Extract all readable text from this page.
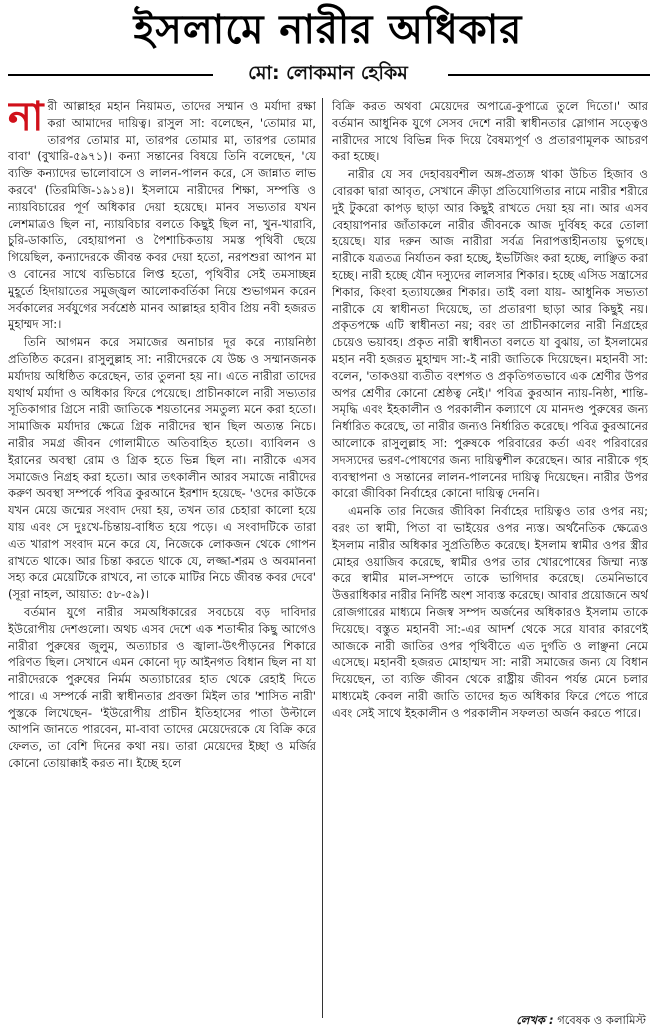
ইসলামে নারীর অধিকার
মো: লোকমান হেকিম

নারী আল্লাহর মহান নিয়ামত, তাদের সম্মান ও মর্যাদা রক্ষা করা আমাদের দায়িত্ব। রাসুল সা: বলেছেন, 'তোমার মা, তারপর তোমার মা, তারপর তোমার মা, তারপর তোমার বাবা' (বুখারি-৫৯৭১)। কন্যা সন্তানের বিষয়ে তিনি বলেছেন, 'যে ব্যক্তি কন্যাদের ভালোবাসে ও লালন-পালন করে, সে জান্নাত লাভ করবে' (তিরমিজি-১৯১৪)। ইসলামে নারীদের শিক্ষা, সম্পত্তি ও ন্যায়বিচারের পূর্ণ অধিকার দেয়া হয়েছে। মানব সভ্যতার যখন লেশমাত্রও ছিল না, ন্যায়বিচার বলতে কিছুই ছিল না, খুন-খারাবি, চুরি-ডাকাতি, বেহায়াপনা ও পৈশাচিকতায় সমস্ত পৃথিবী ছেয়ে গিয়েছিল, কন্যাদেরকে জীবন্ত কবর দেয়া হতো, নরপশুরা আপন মা ও বোনের সাথে ব্যভিচারে লিপ্ত হতো, পৃথিবীর সেই তমসাচ্ছন্ন মুহূর্তে হিদায়াতের সমুজ্জ্বল আলোকবর্তিকা নিয়ে শুভাগমন করেন সর্বকালের সর্বযুগের সর্বশ্রেষ্ঠ মানব আল্লাহর হাবীব প্রিয় নবী হজরত মুহাম্মদ সা:।

তিনি আগমন করে সমাজের অনাচার দূর করে ন্যায়নিষ্ঠা প্রতিষ্ঠিত করেন। রাসুলুল্লাহ সা: নারীদেরকে যে উচ্চ ও সম্মানজনক মর্যাদায় অধিষ্ঠিত করেছেন, তার তুলনা হয় না। এতে নারীরা তাদের যথার্থ মর্যাদা ও অধিকার ফিরে পেয়েছে। প্রাচীনকালে নারী সভ্যতার সূতিকাগার গ্রিসে নারী জাতিকে শয়তানের সমতুল্য মনে করা হতো। সামাজিক মর্যাদার ক্ষেত্রে গ্রিক নারীদের স্থান ছিল অত্যন্ত নিচে। নারীর সমগ্র জীবন গোলামীতে অতিবাহিত হতো। ব্যাবিলন ও ইরানের অবস্থা রোম ও গ্রিক হতে ভিন্ন ছিল না। নারীকে এসব সমাজেও নিগ্রহ করা হতো। আর তৎকালীন আরব সমাজে নারীদের করুণ অবস্থা সম্পর্কে পবিত্র কুরআনে ইরশাদ হয়েছে- 'ওদের কাউকে যখন মেয়ে জন্মের সংবাদ দেয়া হয়, তখন তার চেহারা কালো হয়ে যায় এবং সে দুঃখে-চিন্তায়-বাধিত হয়ে পড়ে। এ সংবাদটিকে তারা এত খারাপ সংবাদ মনে করে যে, নিজেকে লোকজন থেকে গোপন রাখতে থাকে। আর চিন্তা করতে থাকে যে, লজ্জা-শরম ও অবমাননা সহ্য করে মেয়েটিকে রাখবে, না তাকে মাটির নিচে জীবন্ত কবর দেবে' (সূরা নাহল, আয়াত: ৫৮-৫৯)।

বর্তমান যুগে নারীর সমঅধিকারের সবচেয়ে বড় দাবিদার ইউরোপীয় দেশগুলো। অথচ এসব দেশে এক শতাব্দীর কিছু আগেও নারীরা পুরুষের জুলুম, অত্যাচার ও জ্বালা-উৎপীড়নের শিকারে পরিণত ছিল। সেখানে এমন কোনো দৃঢ় আইনগত বিধান ছিল না যা নারীদেরকে পুরুষের নির্মম অত্যাচারের হাত থেকে রেহাই দিতে পারে। এ সম্পর্কে নারী স্বাধীনতার প্রবক্তা মিইল তার 'শাসিত নারী' পুস্তকে লিখেছেন- 'ইউরোপীয় প্রাচীন ইতিহাসের পাতা উল্টালে আপনি জানতে পারবেন, মা-বাবা তাদের মেয়েদেরকে যে বিক্রি করে ফেলত, তা বেশি দিনের কথা নয়। তারা মেয়েদের ইচ্ছা ও মর্জির কোনো তোয়াক্কাই করত না। ইচ্ছে হলে

বিক্রি করত অথবা মেয়েদের অপাত্রে-কুপাত্রে তুলে দিতো।' আর বর্তমান আধুনিক যুগে সেসব দেশে নারী স্বাধীনতার স্লোগান সত্ত্বেও নারীদের সাথে বিভিন্ন দিক দিয়ে বৈষম্যপূর্ণ ও প্রতারণামূলক আচরণ করা হচ্ছে।

নারীর যে সব দেহাবয়বশীল অঙ্গ-প্রত্যঙ্গ থাকা উচিত হিজাব ও বোরকা দ্বারা আবৃত, সেখানে ক্রীড়া প্রতিযোগিতার নামে নারীর শরীরে দুই টুকরো কাপড় ছাড়া আর কিছুই রাখতে দেয়া হয় না। আর এসব বেহায়াপনার জাঁতাকলে নারীর জীবনকে আজ দুর্বিষহ করে তোলা হয়েছে। যার দরুন আজ নারীরা সর্বত্র নিরাপত্তাহীনতায় ভুগছে। নারীকে যত্রতত্র নির্যাতন করা হচ্ছে, ইভটিজিং করা হচ্ছে, লাঞ্ছিত করা হচ্ছে। নারী হচ্ছে যৌন দস্যুদের লালসার শিকার। হচ্ছে এসিড সন্ত্রাসের শিকার, কিংবা হত্যাযজ্ঞের শিকার। তাই বলা যায়- আধুনিক সভ্যতা নারীকে যে স্বাধীনতা দিয়েছে, তা প্রতারণা ছাড়া আর কিছুই নয়। প্রকৃতপক্ষে এটি স্বাধীনতা নয়; বরং তা প্রাচীনকালের নারী নিগ্রহের চেয়েও ভয়াবহ। প্রকৃত নারী স্বাধীনতা বলতে যা বুঝায়, তা ইসলামের মহান নবী হজরত মুহাম্মদ সা:-ই নারী জাতিকে দিয়েছেন। মহানবী সা: বলেন, 'তাকওয়া ব্যতীত বংশগত ও প্রকৃতিগতভাবে এক শ্রেণীর উপর অপর শ্রেণীর কোনো শ্রেষ্ঠত্ব নেই।' পবিত্র কুরআন ন্যায়-নিষ্ঠা, শান্তি-সমৃদ্ধি এবং ইহকালীন ও পরকালীন কল্যাণে যে মানদণ্ড পুরুষের জন্য নির্ধারিত করেছে, তা নারীর জন্যও নির্ধারিত করেছে। পবিত্র কুরআনের আলোকে রাসুলুল্লাহ সা: পুরুষকে পরিবারের কর্তা এবং পরিবারের সদস্যদের ভরণ-পোষণের জন্য দায়িত্বশীল করেছেন। আর নারীকে গৃহ ব্যবস্থাপনা ও সন্তানের লালন-পালনের দায়িত্ব দিয়েছেন। নারীর উপর কারো জীবিকা নির্বাহের কোনো দায়িত্ব দেননি।

এমনকি তার নিজের জীবিকা নির্বাহের দায়িত্বও তার ওপর নয়; বরং তা স্বামী, পিতা বা ভাইয়ের ওপর ন্যস্ত। অর্থনৈতিক ক্ষেত্রেও ইসলাম নারীর অধিকার সুপ্রতিষ্ঠিত করেছে। ইসলাম স্বামীর ওপর স্ত্রীর মোহর ওয়াজিব করেছে, স্বামীর ওপর তার খোরপোষের জিম্মা ন্যস্ত করে স্বামীর মাল-সম্পদে তাকে ভাগিদার করেছে। তেমনিভাবে উত্তরাধিকার নারীর নির্দিষ্ট অংশ সাব্যস্ত করেছে। আবার প্রয়োজনে অর্থ রোজগারের মাধ্যমে নিজস্ব সম্পদ অর্জনের অধিকারও ইসলাম তাকে দিয়েছে। বস্তুত মহানবী সা:-এর আদর্শ থেকে সরে যাবার কারণেই আজকে নারী জাতির ওপর পৃথিবীতে এত দুর্গতি ও লাঞ্ছনা নেমে এসেছে। মহানবী হজরত মোহাম্মদ সা: নারী সমাজের জন্য যে বিধান দিয়েছেন, তা ব্যক্তি জীবন থেকে রাষ্ট্রীয় জীবন পর্যন্ত মেনে চলার মাধ্যমেই কেবল নারী জাতি তাদের হৃত অধিকার ফিরে পেতে পারে এবং সেই সাথে ইহকালীন ও পরকালীন সফলতা অর্জন করতে পারে।

লেখক : গবেষক ও কলামিস্ট
